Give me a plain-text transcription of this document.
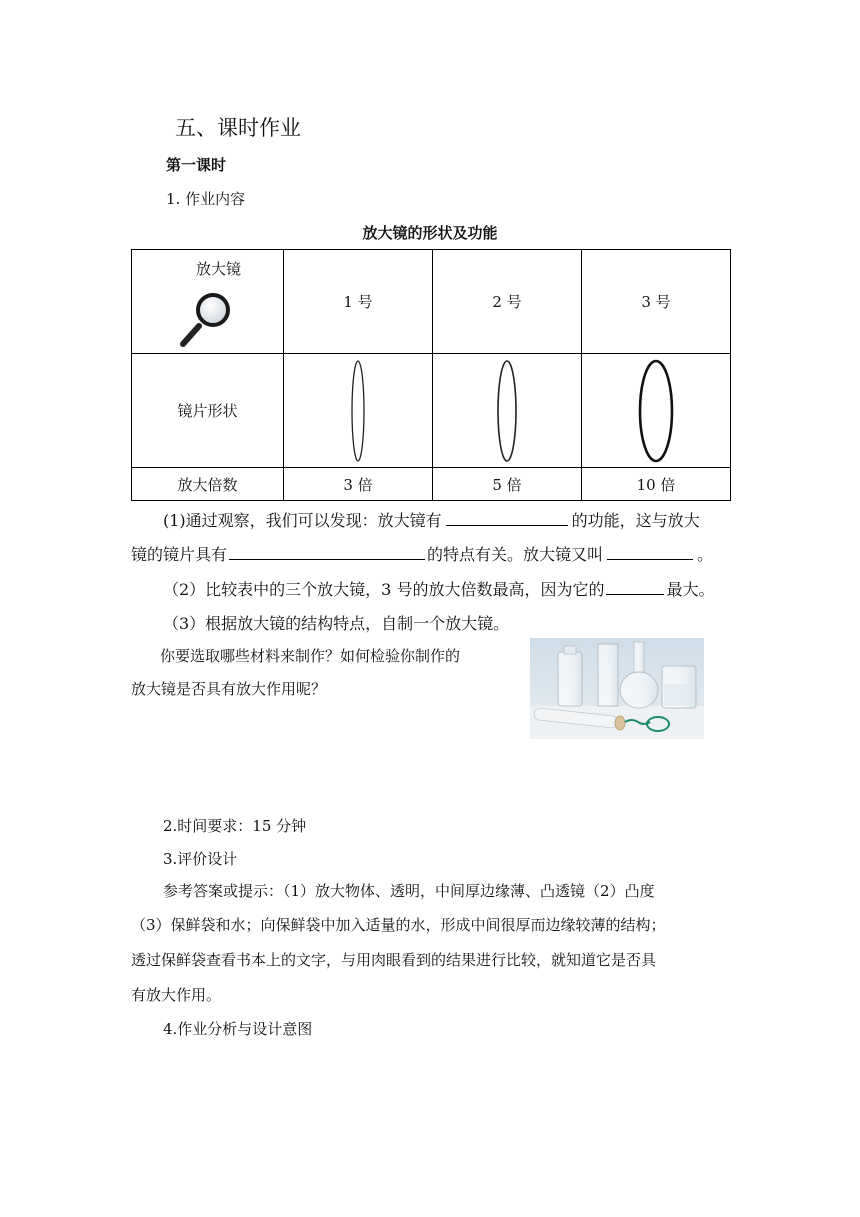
五、课时作业
第一课时
1. 作业内容
放大镜的形状及功能
放大镜	1 号	2 号	3 号
镜片形状	

放大倍数	3 倍	5 倍	10 倍
(1)通过观察，我们可以发现：放大镜有	的功能，这与放大
镜的镜片具有	的特点有关。放大镜又叫	。
（2）比较表中的三个放大镜，3 号的放大倍数最高，因为它的	最大。
（3）根据放大镜的结构特点，自制一个放大镜。
你要选取哪些材料来制作？如何检验你制作的
放大镜是否具有放大作用呢？
2.时间要求：15 分钟
3.评价设计
参考答案或提示：（1）放大物体、透明，中间厚边缘薄、凸透镜（2）凸度
（3）保鲜袋和水；向保鲜袋中加入适量的水，形成中间很厚而边缘较薄的结构；
透过保鲜袋查看书本上的文字，与用肉眼看到的结果进行比较，就知道它是否具
有放大作用。
4.作业分析与设计意图
